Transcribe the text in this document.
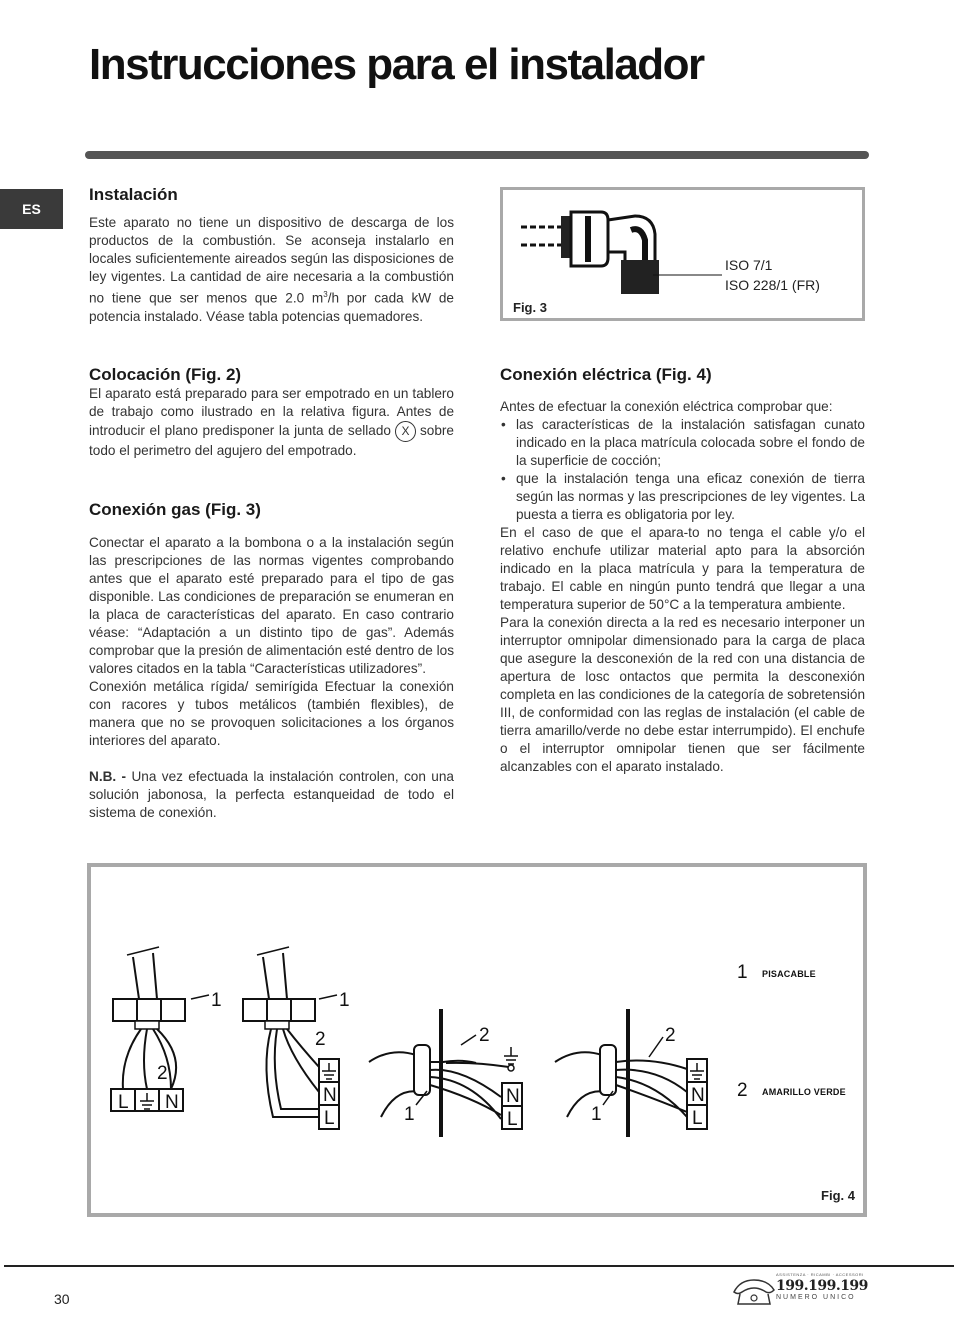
Instrucciones para el instalador
ES
Instalación

Este aparato no tiene un dispositivo de descarga de los productos de la combustión. Se aconseja instalarlo en locales suficientemente aireados según las disposiciones de ley vigentes. La cantidad de aire necesaria a la combustión no tiene que ser menos que 2.0 $m^3/h$ por cada kW de potencia instalado. Véase tabla potencias quemadores.

Colocación (Fig. 2)

El aparato está preparado para ser empotrado en un tablero de trabajo como ilustrado en la relativa figura. Antes de introducir el plano predisponer la junta de sellado X sobre todo el perimetro del agujero del empotrado.

Conexión gas (Fig. 3)

Conectar el aparato a la bombona o a la instalación según las prescripciones de las normas vigentes comprobando antes que el aparato esté preparado para el tipo de gas disponible. Las condiciones de preparación se enumeran en la placa de características del aparato. En caso contrario véase: “Adaptación a un distinto tipo de gas”. Además comprobar que la presión de alimentación esté dentro de los valores citados en la tabla “Características utilizadores”.

Conexión metálica rígida/ semirígida Efectuar la conexión con racores y tubos metálicos (también flexibles), de manera que no se provoquen solicitaciones a los órganos interiores del aparato.

N.B. - Una vez efectuada la instalación controlen, con una solución jabonosa, la perfecta estanqueidad de todo el sistema de conexión.

ISO 7/1
ISO 228/1 (FR)
Fig. 3
Conexión eléctrica (Fig. 4)

Antes de efectuar la conexión eléctrica comprobar que:

• las características de la instalación satisfagan cunato indicado en la placa matrícula colocada sobre el fondo de la superficie de cocción;
• que la instalación tenga una eficaz conexión de tierra según las normas y las prescripciones de ley vigentes. La puesta a tierra es obligatoria por ley.

En el caso de que el apara-to no tenga el cable y/o el relativo enchufe utilizar material apto para la absorción indicado en la placa matrícula y para la temperatura de trabajo. El cable en ningún punto tendrá que llegar a una temperatura superior de 50°C a la temperatura ambiente.

Para la conexión directa a la red es necesario interponer un interruptor omnipolar dimensionado para la carga de placa que asegure la desconexión de la red con una distancia de apertura de losc ontactos que permita la desconexión completa en las condiciones de la categoría de sobretensión III, de conformidad con las reglas de instalación (el cable de tierra amarillo/verde no debe estar interrumpido). El enchufe o el interruptor omnipolar tienen que ser fácilmente alcanzables con el aparato instalado.

1
2
L N
1
2
N
L
2
1
N
L
2
1
N
L
1 PISACABLE
2 AMARILLO VERDE
Fig. 4
30
ASSISTENZA · RICAMBI · ACCESSORI
199.199.199
NUMERO UNICO
